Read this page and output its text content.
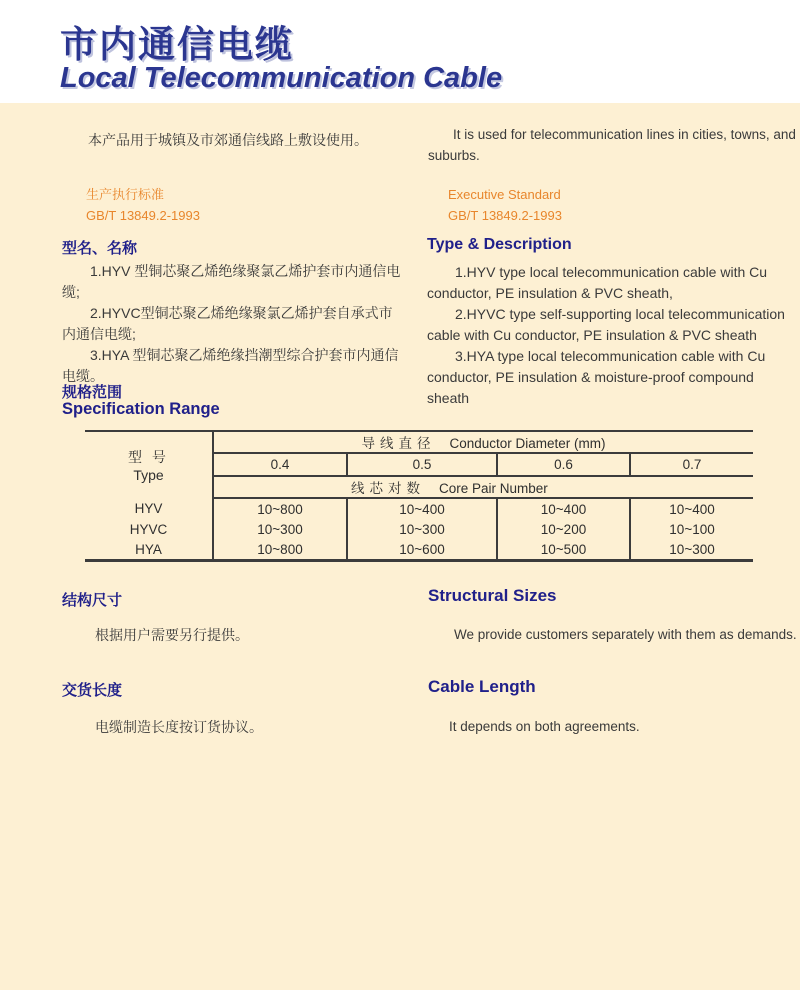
市内通信电缆
Local Telecommunication Cable
本产品用于城镇及市郊通信线路上敷设使用。	It is used for telecommunication lines in cities, towns, and suburbs.
生产执行标准
GB/T 13849.2-1993
Executive Standard
GB/T 13849.2-1993
型名、名称	Type & Description

1.HYV 型铜芯聚乙烯绝缘聚氯乙烯护套市内通信电缆;

2.HYVC型铜芯聚乙烯绝缘聚氯乙烯护套自承式市内通信电缆;

3.HYA 型铜芯聚乙烯绝缘挡潮型综合护套市内通信电缆。

1.HYV type local telecommunication cable with Cu conductor, PE insulation & PVC sheath,

2.HYVC type self-supporting local telecommunication cable with Cu conductor, PE insulation & PVC sheath

3.HYA type local telecommunication cable with Cu conductor, PE insulation & moisture-proof compound sheath

规格范围
Specification Range
型 号
Type	导线直径 Conductor Diameter (mm)			
	0.4	0.5	0.6	0.7
	线芯对数 Core Pair Number			
HYV	10~800	10~400	10~400	10~400
HYVC	10~300	10~300	10~200	10~100
HYA	10~800	10~600	10~500	10~300
结构尺寸	Structural Sizes
根据用户需要另行提供。	We provide customers separately with them as demands.
交货长度	Cable Length
电缆制造长度按订货协议。	It depends on both agreements.
